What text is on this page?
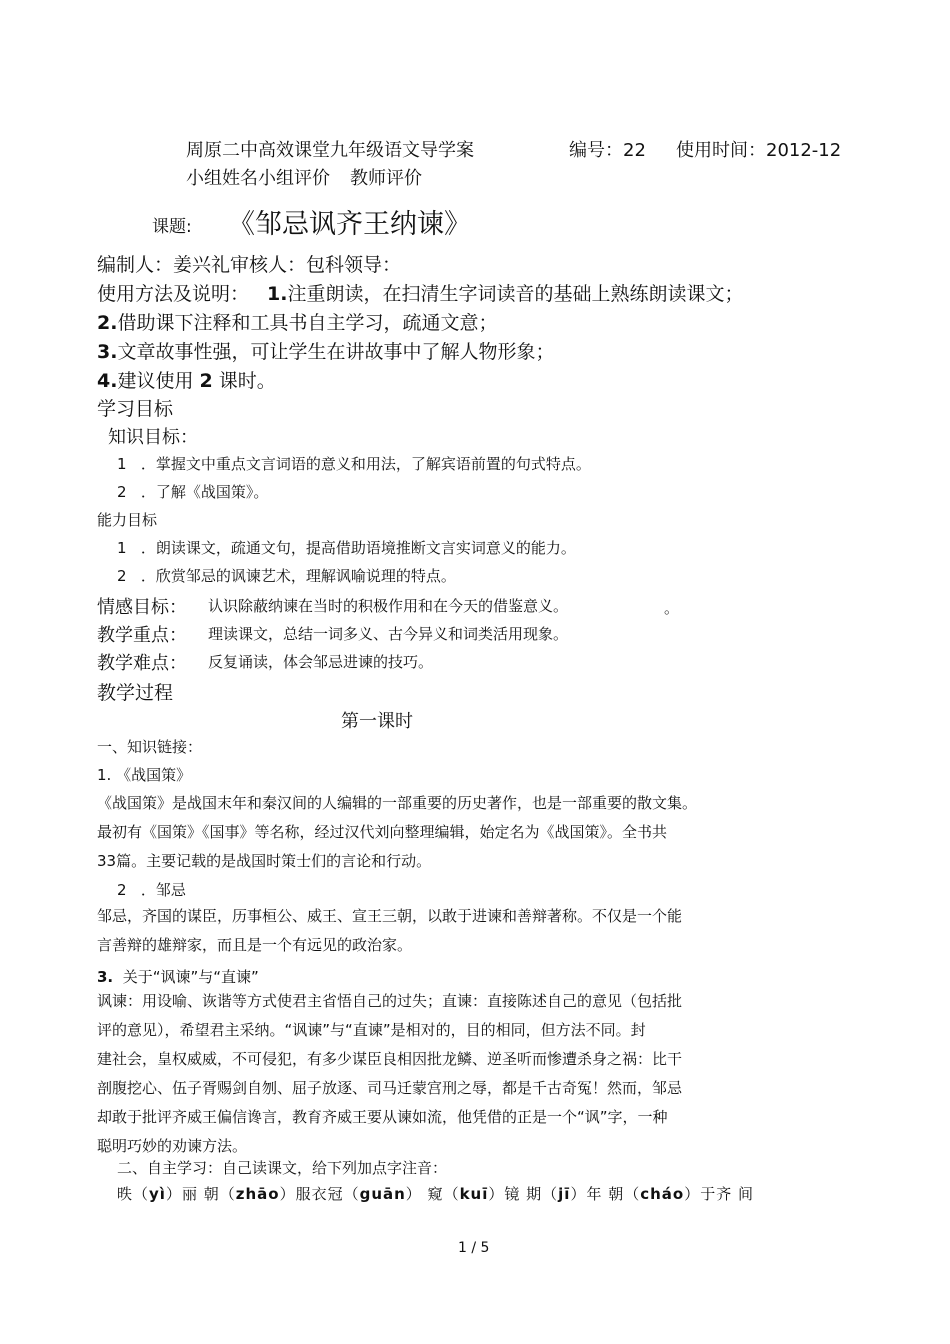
周原二中高效课堂九年级语文导学案	编号：22 使用时间：2012-12
小组姓名小组评价 教师评价
课题: 《邹忌讽齐王纳谏》
编制人：姜兴礼审核人：包科领导：
使用方法及说明： 1.注重朗读，在扫清生字词读音的基础上熟练朗读课文；
2.借助课下注释和工具书自主学习，疏通文意；
3.文章故事性强，可让学生在讲故事中了解人物形象；
4.建议使用 2 课时。
学习目标
知识目标：
1 ．掌握文中重点文言词语的意义和用法，了解宾语前置的句式特点。
2 ．了解《战国策》。
能力目标
1 ．朗读课文，疏通文句，提高借助语境推断文言实词意义的能力。
2 ．欣赏邹忌的讽谏艺术，理解讽喻说理的特点。
情感目标： 认识除蔽纳谏在当时的积极作用和在今天的借鉴意义。	。
教学重点： 理读课文，总结一词多义、古今异义和词类活用现象。
教学难点： 反复诵读，体会邹忌进谏的技巧。
教学过程
第一课时
一、知识链接：
1. 《战国策》
《战国策》是战国末年和秦汉间的人编辑的一部重要的历史著作，也是一部重要的散文集。
最初有《国策》《国事》等名称，经过汉代刘向整理编辑，始定名为《战国策》。全书共
33篇。主要记载的是战国时策士们的言论和行动。
2 ．邹忌
邹忌，齐国的谋臣，历事桓公、威王、宣王三朝，以敢于进谏和善辩著称。不仅是一个能
言善辩的雄辩家，而且是一个有远见的政治家。
3. 关于“讽谏”与“直谏”
讽谏：用设喻、诙谐等方式使君主省悟自己的过失；直谏：直接陈述自己的意见（包括批
评的意见），希望君主采纳。“讽谏”与“直谏”是相对的，目的相同，但方法不同。封
建社会，皇权威威，不可侵犯，有多少谋臣良相因批龙鳞、逆圣听而惨遭杀身之祸：比干
剖腹挖心、伍子胥赐剑自刎、屈子放逐、司马迁蒙宫刑之辱，都是千古奇冤！然而，邹忌
却敢于批评齐威王偏信谗言，教育齐威王要从谏如流，他凭借的正是一个“讽”字，一种
聪明巧妙的劝谏方法。
二、自主学习：自己读课文，给下列加点字注音：
昳（yì）丽 朝（zhāo）服衣冠（guān） 窥（kuī）镜 期（jī）年 朝（cháo）于齐 间
1 / 5
